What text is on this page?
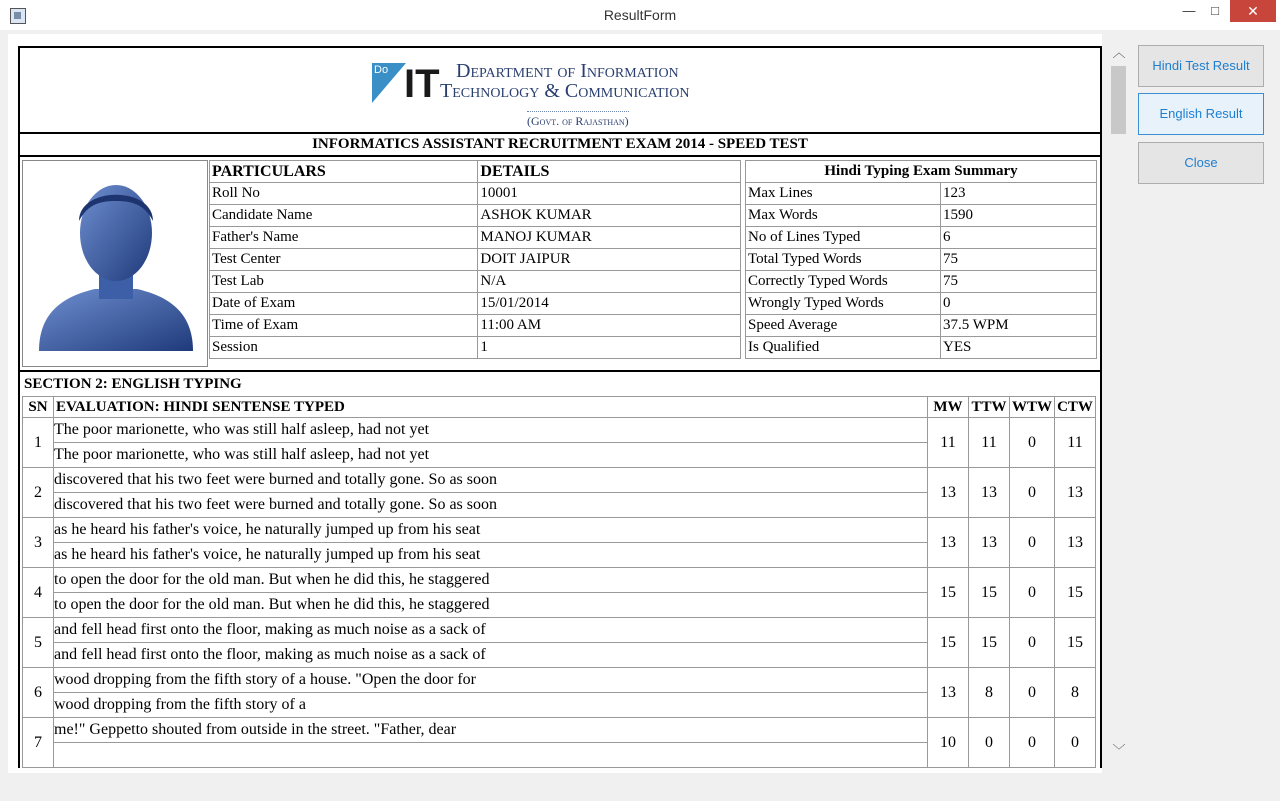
ResultForm	—	□	✕
Do IT Department of Information
Technology & Communication
(Govt. of Rajasthan)
INFORMATICS ASSISTANT RECRUITMENT EXAM 2014 - SPEED TEST
PARTICULARS	DETAILS
Roll No	10001
Candidate Name	ASHOK KUMAR
Father's Name	MANOJ KUMAR
Test Center	DOIT JAIPUR
Test Lab	N/A
Date of Exam	15/01/2014
Time of Exam	11:00 AM
Session	1
Hindi Typing Exam Summary	
Max Lines	123
Max Words	1590
No of Lines Typed	6
Total Typed Words	75
Correctly Typed Words	75
Wrongly Typed Words	0
Speed Average	37.5 WPM
Is Qualified	YES
SECTION 2: ENGLISH TYPING
SN	EVALUATION: HINDI SENTENSE TYPED	MW	TTW	WTW	CTW
1	The poor marionette, who was still half asleep, had not yet
The poor marionette, who was still half asleep, had not yet	11	11	0	11
2	discovered that his two feet were burned and totally gone. So as soon
discovered that his two feet were burned and totally gone. So as soon	13	13	0	13
3	as he heard his father's voice, he naturally jumped up from his seat
as he heard his father's voice, he naturally jumped up from his seat	13	13	0	13
4	to open the door for the old man. But when he did this, he staggered
to open the door for the old man. But when he did this, he staggered	15	15	0	15
5	and fell head first onto the floor, making as much noise as a sack of
and fell head first onto the floor, making as much noise as a sack of	15	15	0	15
6	wood dropping from the fifth story of a house. "Open the door for
wood dropping from the fifth story of a	13	8	0	8
7	me!" Geppetto shouted from outside in the street. "Father, dear	10	0	0	0
︿
﹀
Hindi Test Result
English Result
Close
